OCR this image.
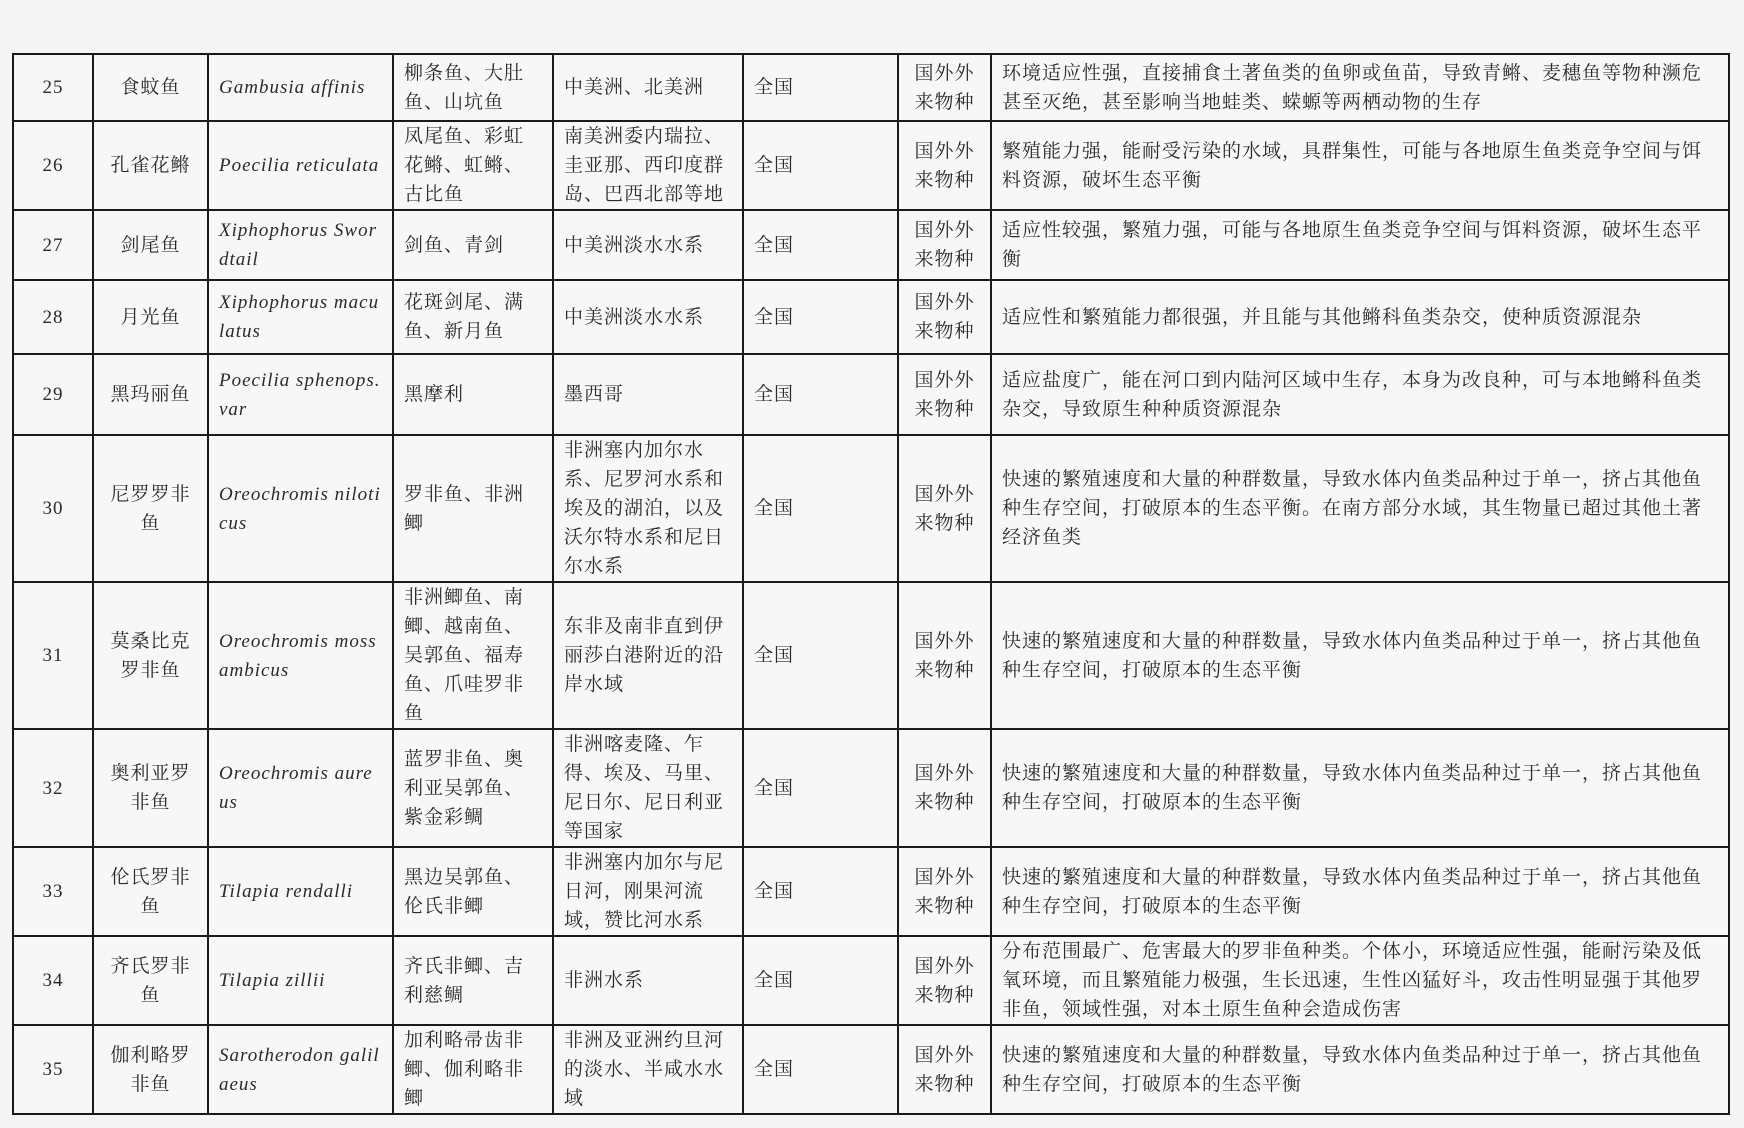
25	食蚊鱼	Gambusia affinis	柳条鱼、大肚鱼、山坑鱼	中美洲、北美洲	全国	国外外来物种	环境适应性强，直接捕食土著鱼类的鱼卵或鱼苗，导致青鳉、麦穗鱼等物种濒危甚至灭绝，甚至影响当地蛙类、蝾螈等两栖动物的生存
26	孔雀花鳉	Poecilia reticulata	凤尾鱼、彩虹花鳉、虹鳉、古比鱼	南美洲委内瑞拉、圭亚那、西印度群岛、巴西北部等地	全国	国外外来物种	繁殖能力强，能耐受污染的水域，具群集性，可能与各地原生鱼类竞争空间与饵料资源，破坏生态平衡
27	剑尾鱼	Xiphophorus Swordtail	剑鱼、青剑	中美洲淡水水系	全国	国外外来物种	适应性较强，繁殖力强，可能与各地原生鱼类竞争空间与饵料资源，破坏生态平衡
28	月光鱼	Xiphophorus maculatus	花斑剑尾、满鱼、新月鱼	中美洲淡水水系	全国	国外外来物种	适应性和繁殖能力都很强，并且能与其他鳉科鱼类杂交，使种质资源混杂
29	黑玛丽鱼	Poecilia sphenops.var	黑摩利	墨西哥	全国	国外外来物种	适应盐度广，能在河口到内陆河区域中生存，本身为改良种，可与本地鳉科鱼类杂交，导致原生种种质资源混杂
30	尼罗罗非鱼	Oreochromis niloticus	罗非鱼、非洲鲫	非洲塞内加尔水系、尼罗河水系和埃及的湖泊，以及沃尔特水系和尼日尔水系	全国	国外外来物种	快速的繁殖速度和大量的种群数量，导致水体内鱼类品种过于单一，挤占其他鱼种生存空间，打破原本的生态平衡。在南方部分水域，其生物量已超过其他土著经济鱼类
31	莫桑比克罗非鱼	Oreochromis mossambicus	非洲鲫鱼、南鲫、越南鱼、吴郭鱼、福寿鱼、爪哇罗非鱼	东非及南非直到伊丽莎白港附近的沿岸水域	全国	国外外来物种	快速的繁殖速度和大量的种群数量，导致水体内鱼类品种过于单一，挤占其他鱼种生存空间，打破原本的生态平衡
32	奥利亚罗非鱼	Oreochromis aureus	蓝罗非鱼、奥利亚吴郭鱼、紫金彩鲷	非洲喀麦隆、乍得、埃及、马里、尼日尔、尼日利亚等国家	全国	国外外来物种	快速的繁殖速度和大量的种群数量，导致水体内鱼类品种过于单一，挤占其他鱼种生存空间，打破原本的生态平衡
33	伦氏罗非鱼	Tilapia rendalli	黑边吴郭鱼、伦氏非鲫	非洲塞内加尔与尼日河，刚果河流域，赞比河水系	全国	国外外来物种	快速的繁殖速度和大量的种群数量，导致水体内鱼类品种过于单一，挤占其他鱼种生存空间，打破原本的生态平衡
34	齐氏罗非鱼	Tilapia zillii	齐氏非鲫、吉利慈鲷	非洲水系	全国	国外外来物种	分布范围最广、危害最大的罗非鱼种类。个体小，环境适应性强，能耐污染及低氧环境，而且繁殖能力极强，生长迅速，生性凶猛好斗，攻击性明显强于其他罗非鱼，领域性强，对本土原生鱼种会造成伤害
35	伽利略罗非鱼	Sarotherodon galilaeus	加利略帚齿非鲫、伽利略非鲫	非洲及亚洲约旦河的淡水、半咸水水域	全国	国外外来物种	快速的繁殖速度和大量的种群数量，导致水体内鱼类品种过于单一，挤占其他鱼种生存空间，打破原本的生态平衡
